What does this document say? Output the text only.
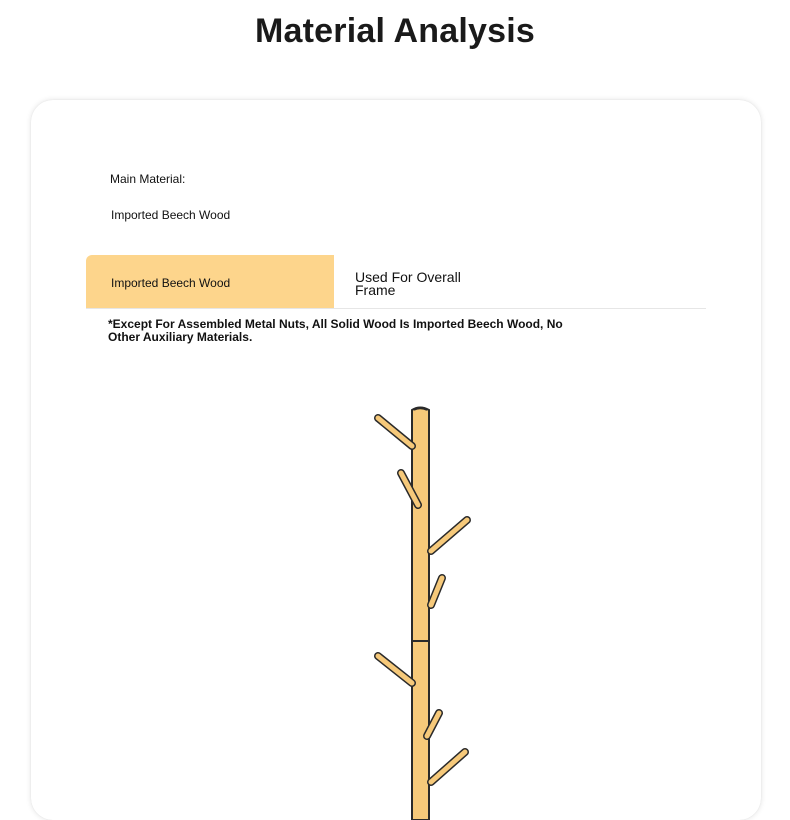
Material Analysis
Main Material:
Imported Beech Wood
Imported Beech Wood	Used For Overall Frame
*Except For Assembled Metal Nuts, All Solid Wood Is Imported Beech Wood, No Other Auxiliary Materials.
